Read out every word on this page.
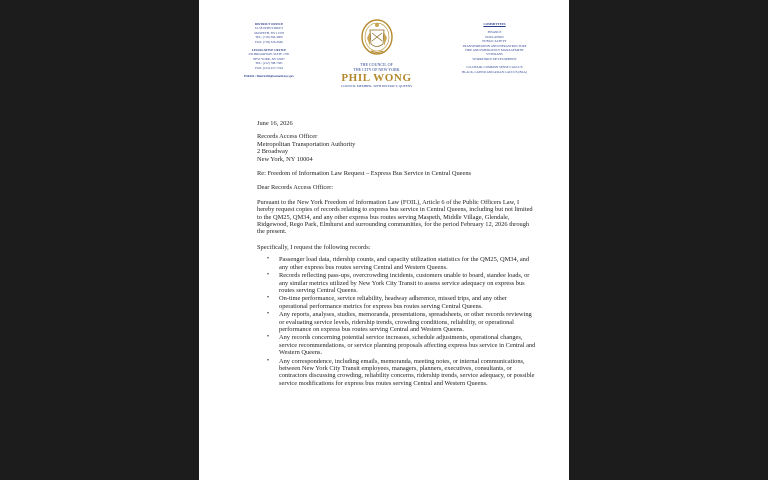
DISTRICT OFFICE
61-58 60TH STREET
MASPETH, NY 11378
TEL: (718) 366-3900
FAX: (718) 326-3046
LEGISLATIVE OFFICE
250 BROADWAY, SUITE 1781
NEW YORK, NY 10007
TEL: (212) 788-7381
FAX: (212) 227-7194
EMAIL: District30@council.nyc.gov
THE COUNCIL OF
THE CITY OF NEW YORK
PHIL WONG
COUNCIL MEMBER, 30TH DISTRICT, QUEENS
COMMITTEES
FINANCE
EDUCATION
PUBLIC SAFETY
TRANSPORTATION AND INFRASTRUCTURE
FIRE AND EMERGENCY MANAGEMENT
VETERANS
WORKFORCE DEVELOPMENT
CO-CHAIR, COMMON SENSE CAUCUS
BLACK, LATINO AND ASIAN CAUCUS (BLA)

June 16, 2026

Records Access Officer

Metropolitan Transportation Authority

2 Broadway

New York, NY 10004

Re: Freedom of Information Law Request – Express Bus Service in Central Queens

Dear Records Access Officer:

Pursuant to the New York Freedom of Information Law (FOIL), Article 6 of the Public Officers Law, I hereby request copies of records relating to express bus service in Central Queens, including but not limited to the QM25, QM34, and any other express bus routes serving Maspeth, Middle Village, Glendale, Ridgewood, Rego Park, Elmhurst and surrounding communities, for the period February 12, 2026 through the present.

Specifically, I request the following records:

• Passenger load data, ridership counts, and capacity utilization statistics for the QM25, QM34, and any other express bus routes serving Central and Western Queens.
• Records reflecting pass-ups, overcrowding incidents, customers unable to board, standee loads, or any similar metrics utilized by New York City Transit to assess service adequacy on express bus routes serving Central Queens.
• On-time performance, service reliability, headway adherence, missed trips, and any other operational performance metrics for express bus routes serving Central Queens.
• Any reports, analyses, studies, memoranda, presentations, spreadsheets, or other records reviewing or evaluating service levels, ridership trends, crowding conditions, reliability, or operational performance on express bus routes serving Central and Western Queens.
• Any records concerning potential service increases, schedule adjustments, operational changes, service recommendations, or service planning proposals affecting express bus service in Central and Western Queens.
• Any correspondence, including emails, memoranda, meeting notes, or internal communications, between New York City Transit employees, managers, planners, executives, consultants, or contractors discussing crowding, reliability concerns, ridership trends, service adequacy, or possible service modifications for express bus routes serving Central and Western Queens.
